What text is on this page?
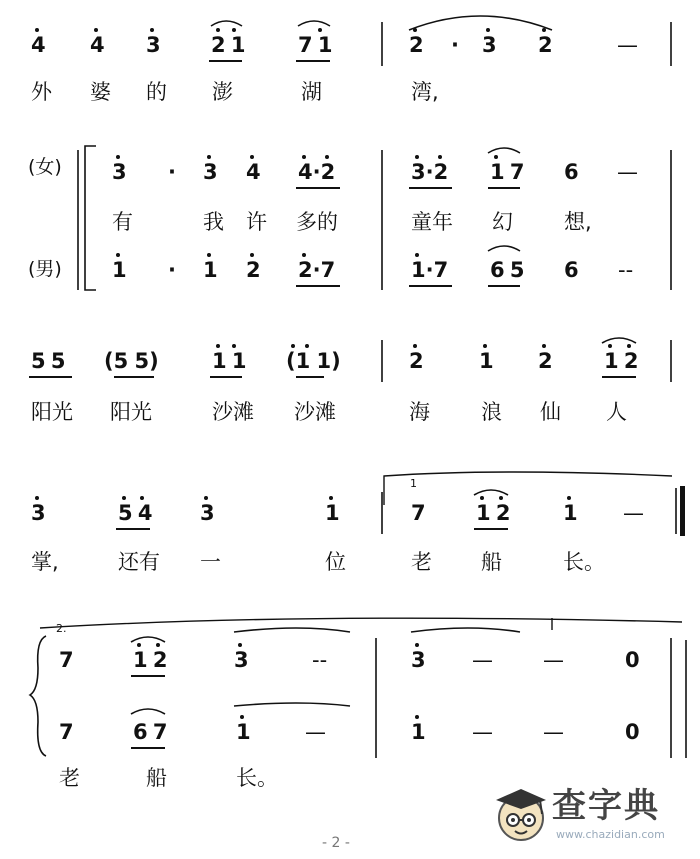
4 4 3 2 1 7 1	2 · 3 2	—
外 婆 的 澎	湖	湾,
(女)
(男)
3 · 3 4 4·2	3·2 1 7 6 —
有	我 许 多的	童年 幻 想,
1 · 1 2 2·7	1·7 6 5 6 --
5 5 (5 5)	1 1 (1 1)	2	1 2 1 2
阳光 阳光	沙滩 沙滩	海 浪 仙 人
1
3	5 4 3	1	7 1 2 1 —
掌,	还有 一	位	老 船	长。
2.
7	1 2	3	--	3 — —	0
7	6 7	1	—	1 — —	0
老	船	长。
- 2 -
查字典
www.chazidian.com
